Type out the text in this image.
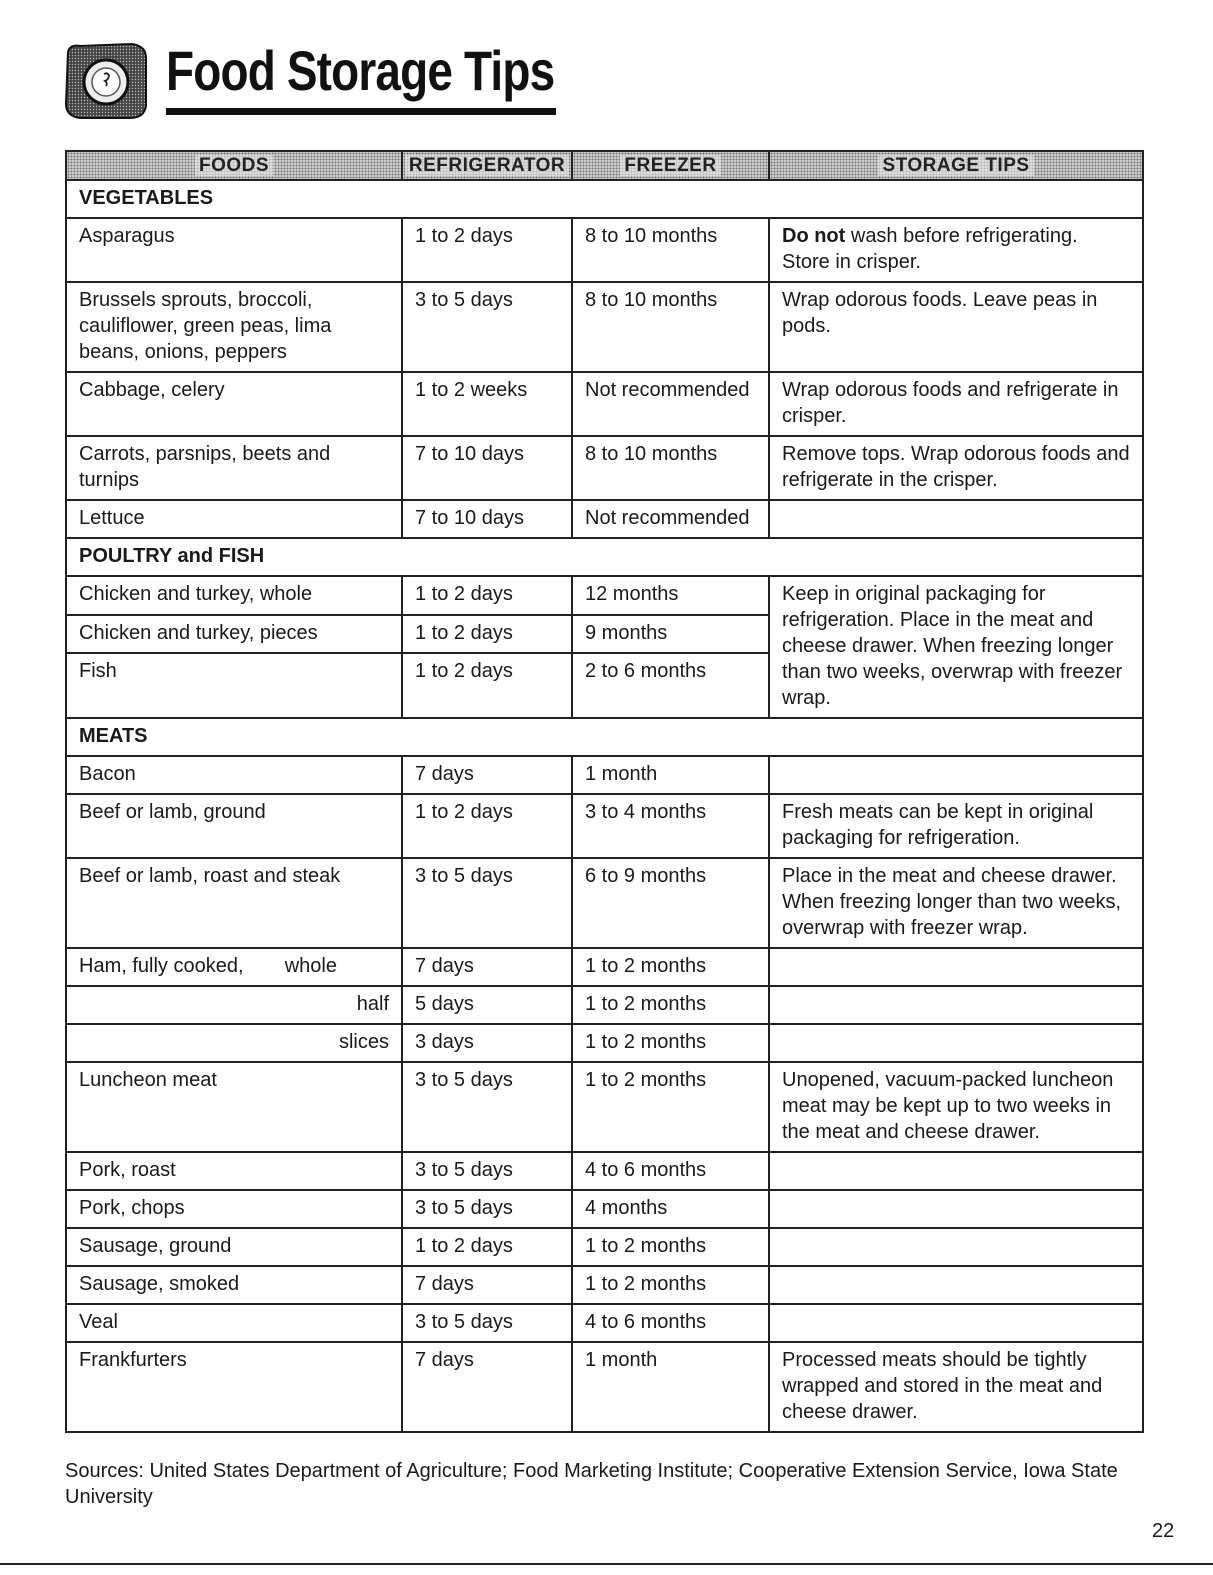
Food Storage Tips
FOODS	REFRIGERATOR	FREEZER	STORAGE TIPS
VEGETABLES			
Asparagus	1 to 2 days	8 to 10 months	Do not wash before refrigerating. Store in crisper.
Brussels sprouts, broccoli, cauliflower, green peas, lima beans, onions, peppers	3 to 5 days	8 to 10 months	Wrap odorous foods. Leave peas in pods.
Cabbage, celery	1 to 2 weeks	Not recommended	Wrap odorous foods and refrigerate in crisper.
Carrots, parsnips, beets and turnips	7 to 10 days	8 to 10 months	Remove tops. Wrap odorous foods and refrigerate in the crisper.
Lettuce	7 to 10 days	Not recommended	
POULTRY and FISH			
Chicken and turkey, whole	1 to 2 days	12 months	Keep in original packaging for refrigeration. Place in the meat and cheese drawer. When freezing longer than two weeks, overwrap with freezer wrap.
Chicken and turkey, pieces	1 to 2 days	9 months	
Fish	1 to 2 days	2 to 6 months	
MEATS			
Bacon	7 days	1 month	
Beef or lamb, ground	1 to 2 days	3 to 4 months	Fresh meats can be kept in original packaging for refrigeration.
Beef or lamb, roast and steak	3 to 5 days	6 to 9 months	Place in the meat and cheese drawer. When freezing longer than two weeks, overwrap with freezer wrap.

Ham, fully cooked, whole	7 days	1 to 2 months	
half	5 days	1 to 2 months	
slices	3 days	1 to 2 months	
Luncheon meat	3 to 5 days	1 to 2 months	Unopened, vacuum-packed luncheon meat may be kept up to two weeks in the meat and cheese drawer.
Pork, roast	3 to 5 days	4 to 6 months	
Pork, chops	3 to 5 days	4 months	
Sausage, ground	1 to 2 days	1 to 2 months	
Sausage, smoked	7 days	1 to 2 months	
Veal	3 to 5 days	4 to 6 months	
Frankfurters	7 days	1 month	Processed meats should be tightly wrapped and stored in the meat and cheese drawer.
Sources: United States Department of Agriculture; Food Marketing Institute; Cooperative Extension Service, Iowa State University
22
